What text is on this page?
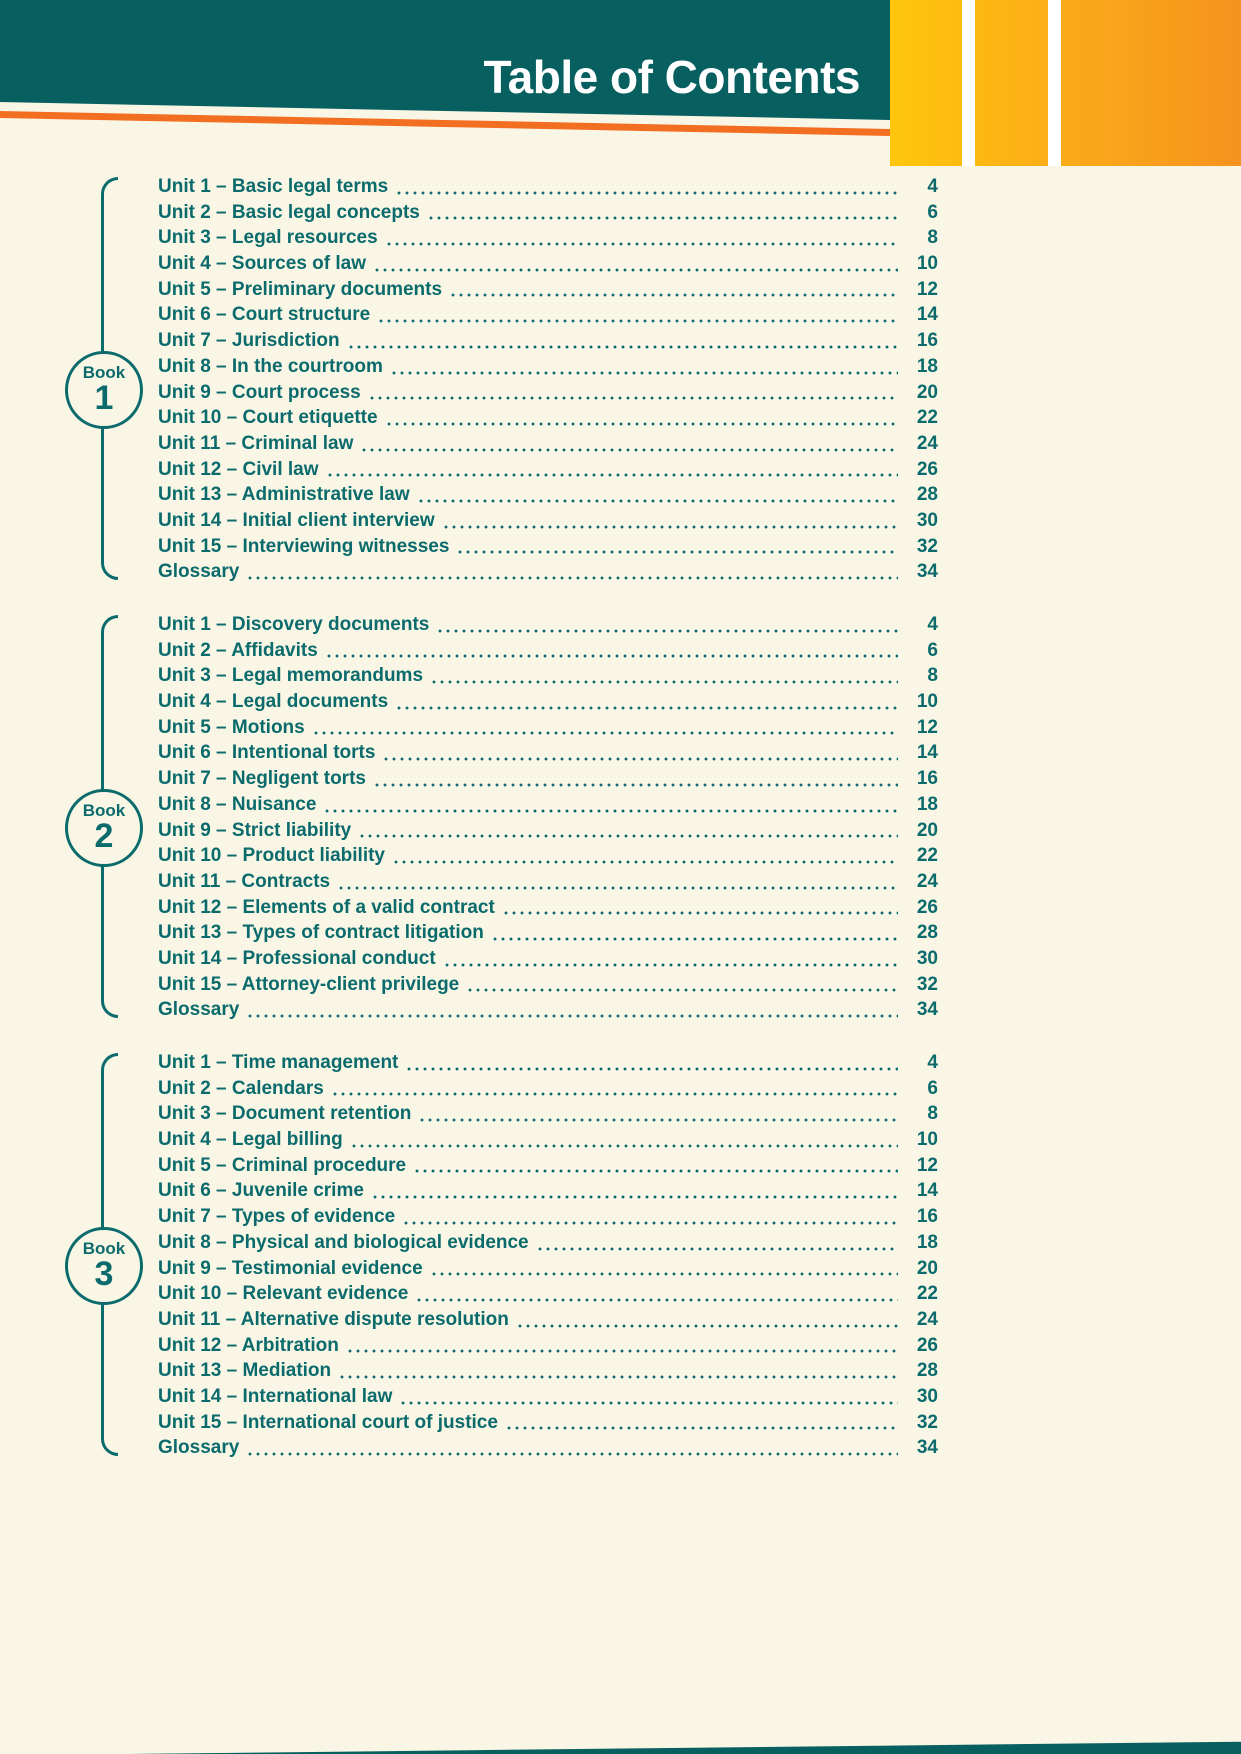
Table of Contents
Book
1
Unit 1 – Basic legal terms	4
Unit 2 – Basic legal concepts	6
Unit 3 – Legal resources	8
Unit 4 – Sources of law	10
Unit 5 – Preliminary documents	12
Unit 6 – Court structure	14
Unit 7 – Jurisdiction	16
Unit 8 – In the courtroom	18
Unit 9 – Court process	20
Unit 10 – Court etiquette	22
Unit 11 – Criminal law	24
Unit 12 – Civil law	26
Unit 13 – Administrative law	28
Unit 14 – Initial client interview	30
Unit 15 – Interviewing witnesses	32
Glossary	34
Book
2
Unit 1 – Discovery documents	4
Unit 2 – Affidavits	6
Unit 3 – Legal memorandums	8
Unit 4 – Legal documents	10
Unit 5 – Motions	12
Unit 6 – Intentional torts	14
Unit 7 – Negligent torts	16
Unit 8 – Nuisance	18
Unit 9 – Strict liability	20
Unit 10 – Product liability	22
Unit 11 – Contracts	24
Unit 12 – Elements of a valid contract	26
Unit 13 – Types of contract litigation	28
Unit 14 – Professional conduct	30
Unit 15 – Attorney-client privilege	32
Glossary	34
Book
3
Unit 1 – Time management	4
Unit 2 – Calendars	6
Unit 3 – Document retention	8
Unit 4 – Legal billing	10
Unit 5 – Criminal procedure	12
Unit 6 – Juvenile crime	14
Unit 7 – Types of evidence	16
Unit 8 – Physical and biological evidence	18
Unit 9 – Testimonial evidence	20
Unit 10 – Relevant evidence	22
Unit 11 – Alternative dispute resolution	24
Unit 12 – Arbitration	26
Unit 13 – Mediation	28
Unit 14 – International law	30
Unit 15 – International court of justice	32
Glossary	34
